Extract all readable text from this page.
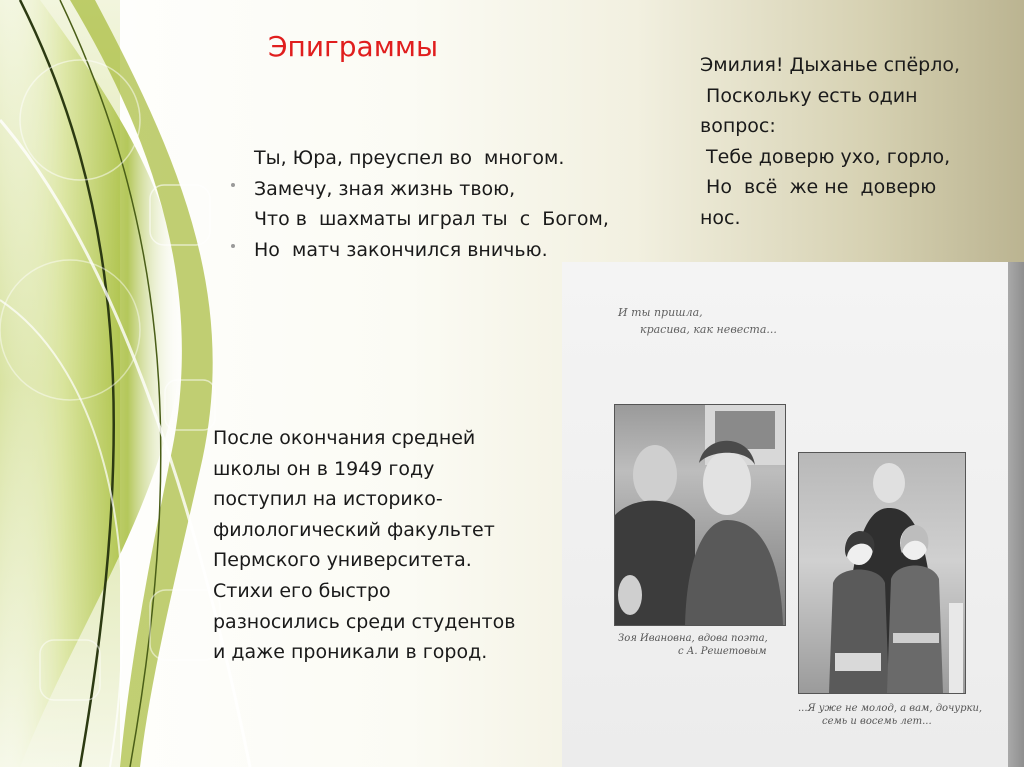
Эпиграммы
Ты, Юра, преуспел во  многом.
Замечу, зная жизнь твою,
Что в  шахматы играл ты  с  Богом,
Но  матч закончился вничью.
Эмилия! Дыханье спёрло,
Поскольку есть один
вопрос:
Тебе доверю ухо, горло,
Но  всё  же не  доверю
нос.
После окончания средней
школы он в 1949 году
поступил на историко-
филологический факультет
Пермского университета.
Стихи его быстро
разносились среди студентов
и даже проникали в город.
И ты пришла,
красива, как невеста...
Зоя Ивановна, вдова поэта,
с А. Решетовым
...Я уже не молод, а вам, дочурки,
семь и восемь лет...
